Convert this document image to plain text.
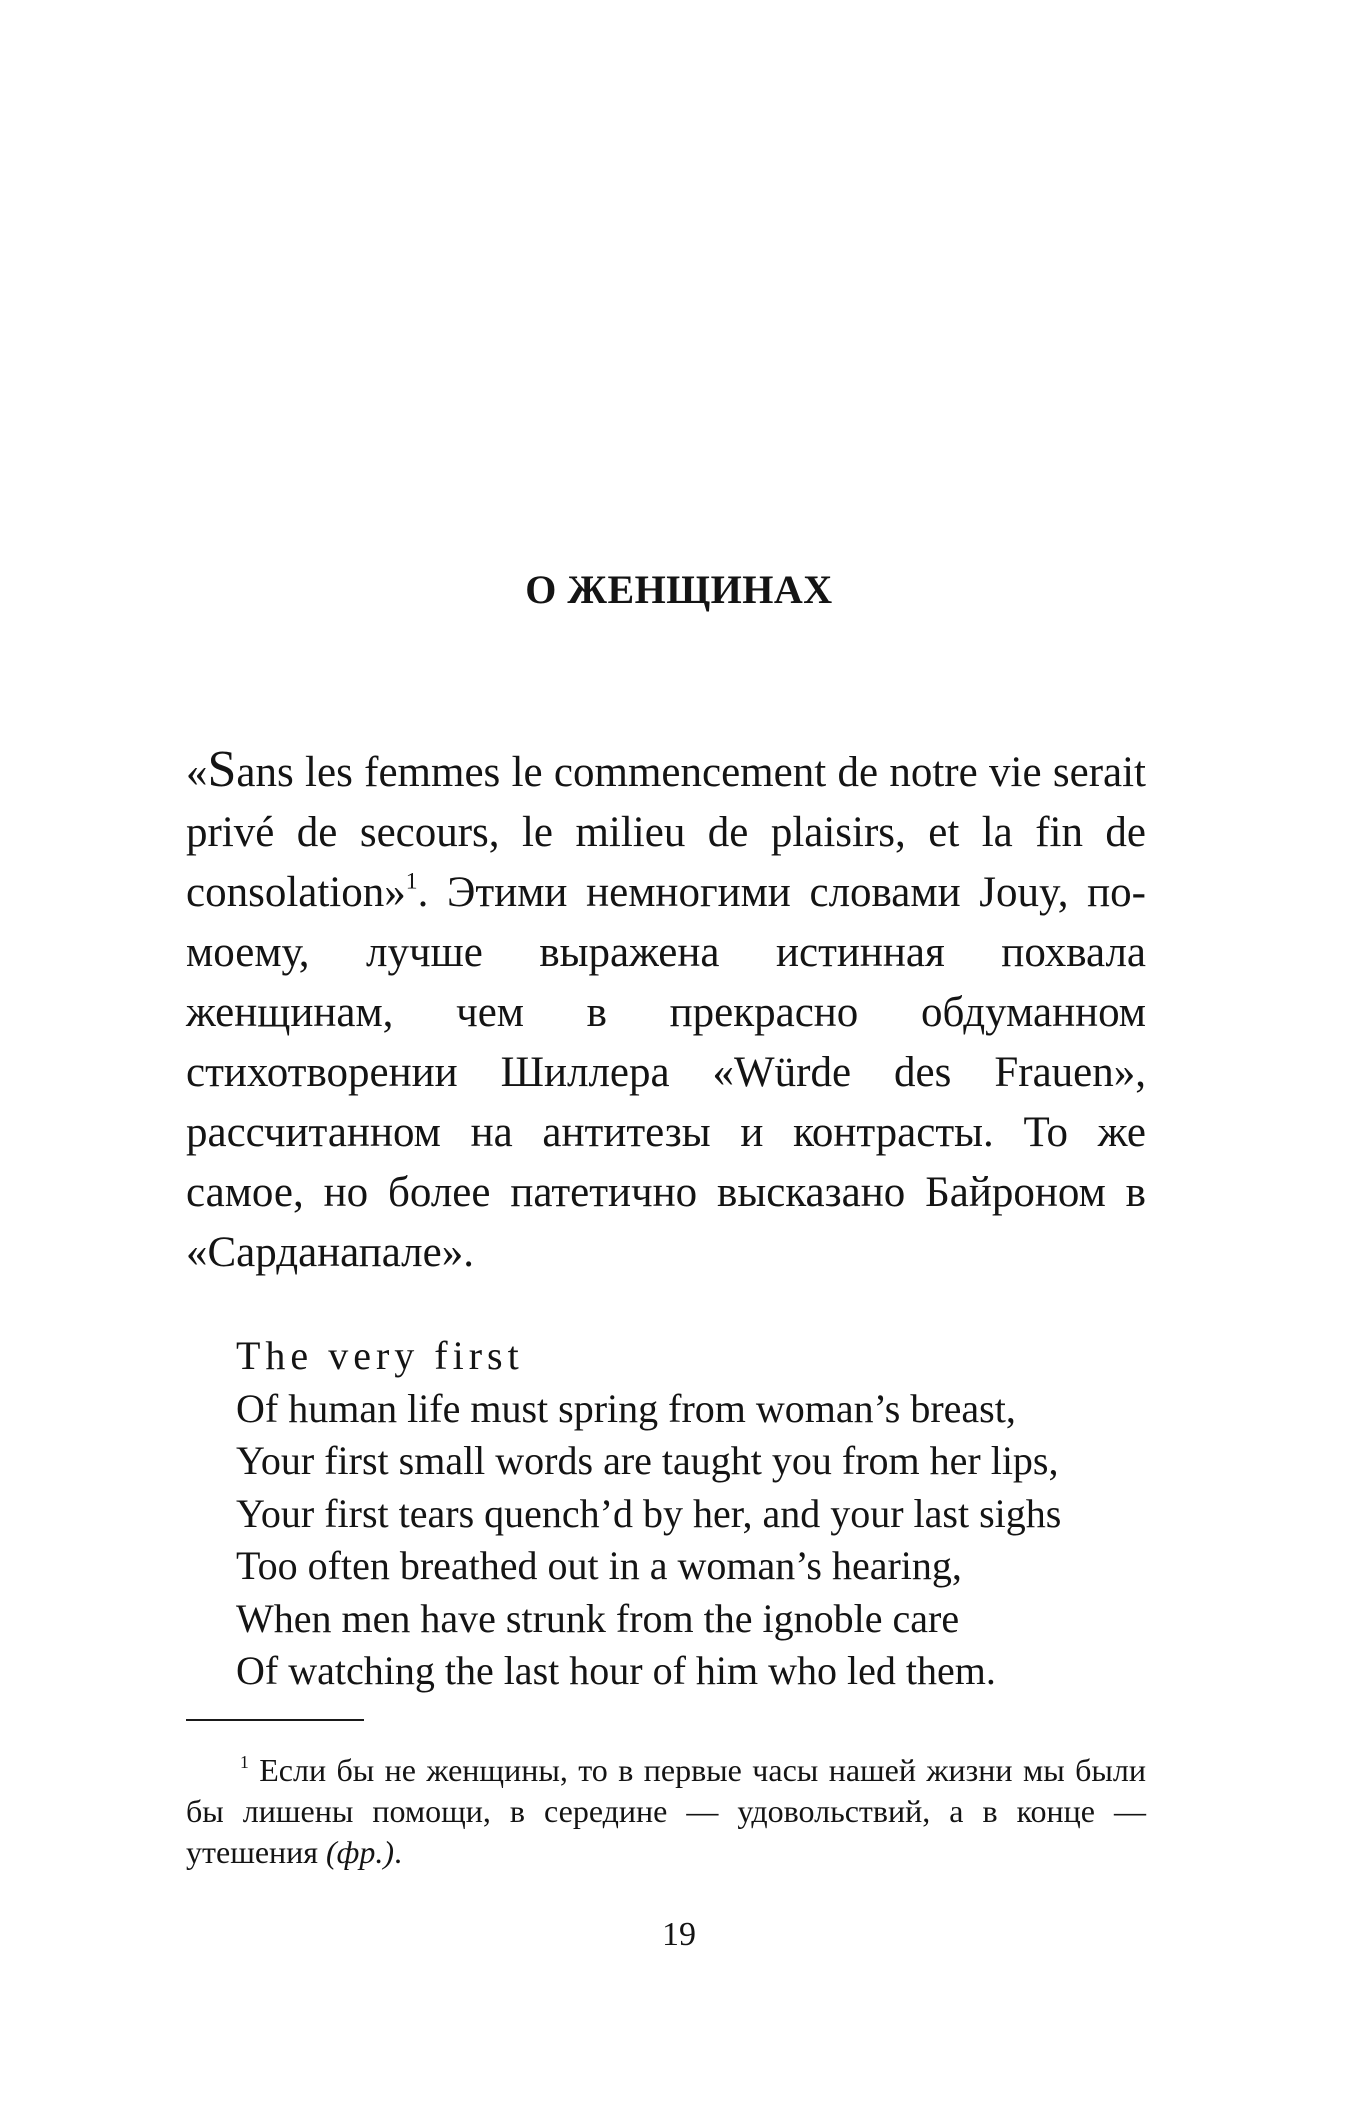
О ЖЕНЩИНАХ

«Sans les femmes le commencement de notre vie serait privé de secours, le milieu de plaisirs, et la fin de consolation»$^1$. Этими немногими словами Jouy, по-моему, лучше выражена истинная похвала женщинам, чем в прекрасно обдуманном стихотворении Шиллера «Würde des Frauen», рассчитанном на антитезы и контрасты. То же самое, но более патетично высказано Байроном в «Сарданапале».

The very first
Of human life must spring from woman’s breast,
Your first small words are taught you from her lips,
Your first tears quench’d by her, and your last sighs
Too often breathed out in a woman’s hearing,
When men have strunk from the ignoble care
Of watching the last hour of him who led them.

$^1$ Если бы не женщины, то в первые часы нашей жизни мы были бы лишены помощи, в середине — удовольствий, а в конце — утешения (фр.).

19
